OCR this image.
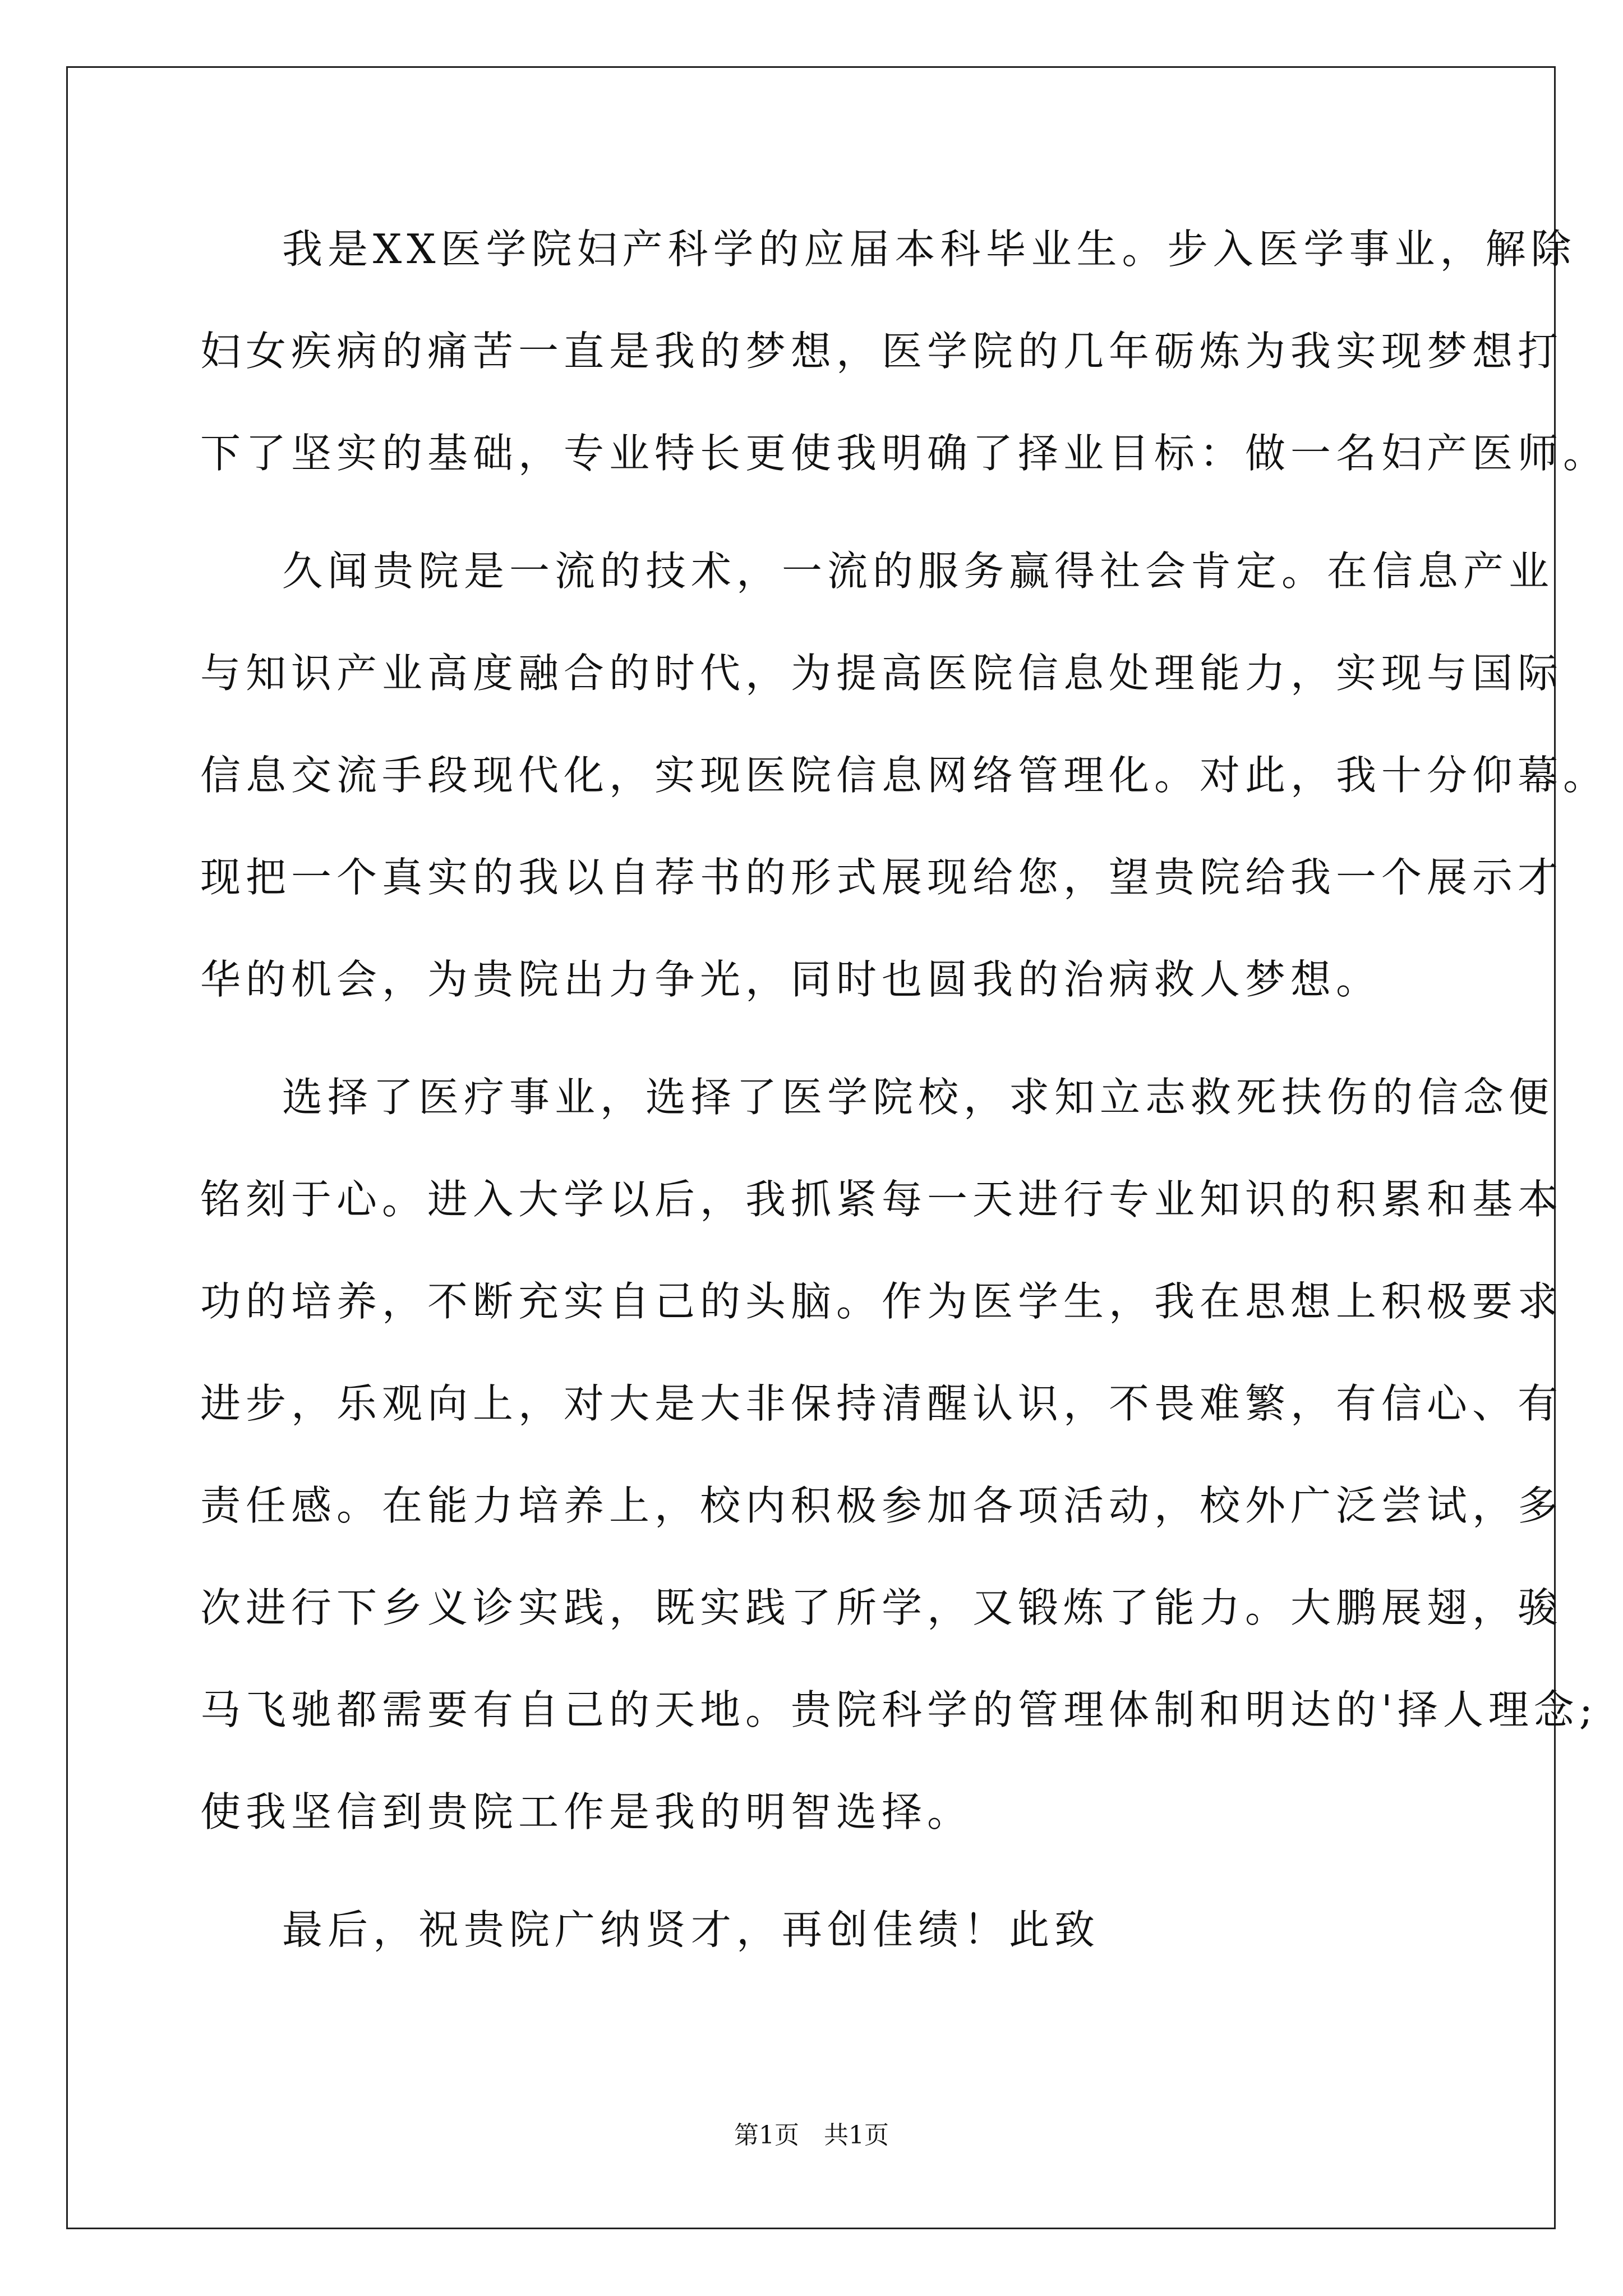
我是XX医学院妇产科学的应届本科毕业生。步入医学事业，解除
妇女疾病的痛苦一直是我的梦想，医学院的几年砺炼为我实现梦想打
下了坚实的基础，专业特长更使我明确了择业目标：做一名妇产医师。
久闻贵院是一流的技术，一流的服务赢得社会肯定。在信息产业
与知识产业高度融合的时代，为提高医院信息处理能力，实现与国际
信息交流手段现代化，实现医院信息网络管理化。对此，我十分仰幕。
现把一个真实的我以自荐书的形式展现给您，望贵院给我一个展示才
华的机会，为贵院出力争光，同时也圆我的治病救人梦想。
选择了医疗事业，选择了医学院校，求知立志救死扶伤的信念便
铭刻于心。进入大学以后，我抓紧每一天进行专业知识的积累和基本
功的培养，不断充实自己的头脑。作为医学生，我在思想上积极要求
进步，乐观向上，对大是大非保持清醒认识，不畏难繁，有信心、有
责任感。在能力培养上，校内积极参加各项活动，校外广泛尝试，多
次进行下乡义诊实践，既实践了所学，又锻炼了能力。大鹏展翅，骏
马飞驰都需要有自己的天地。贵院科学的管理体制和明达的'择人理念;
使我坚信到贵院工作是我的明智选择。
最后，祝贵院广纳贤才，再创佳绩！此致
第1页　共1页
